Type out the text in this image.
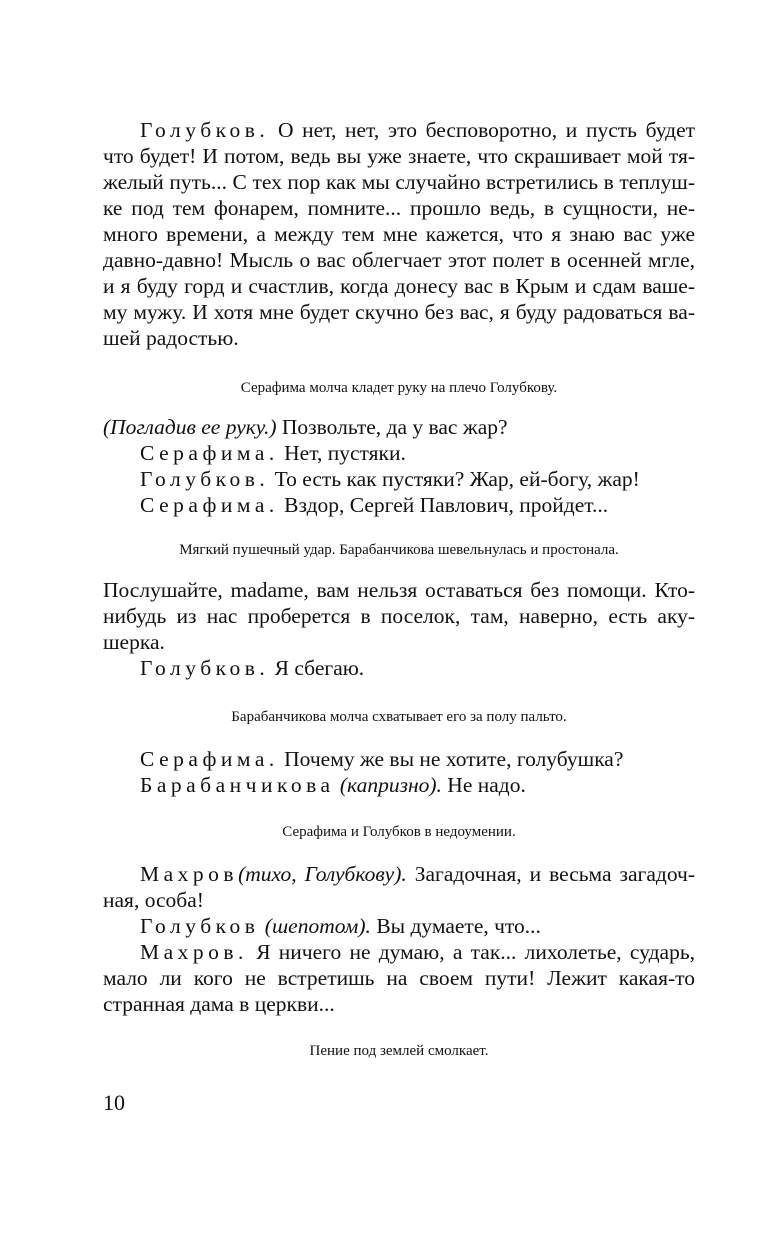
Голубков. О нет, нет, это бесповоротно, и пусть будет
что будет! И потом, ведь вы уже знаете, что скрашивает мой тя-
желый путь... С тех пор как мы случайно встретились в теплуш-
ке под тем фонарем, помните... прошло ведь, в сущности, не-
много времени, а между тем мне кажется, что я знаю вас уже
давно-давно! Мысль о вас облегчает этот полет в осенней мгле,
и я буду горд и счастлив, когда донесу вас в Крым и сдам ваше-
му мужу. И хотя мне будет скучно без вас, я буду радоваться ва-
шей радостью.
Серафима молча кладет руку на плечо Голубкову.
(Погладив ее руку.) Позвольте, да у вас жар?
Серафима. Нет, пустяки.
Голубков. То есть как пустяки? Жар, ей-богу, жар!
Серафима. Вздор, Сергей Павлович, пройдет...
Мягкий пушечный удар. Барабанчикова шевельнулась и простонала.
Послушайте, madame, вам нельзя оставаться без помощи. Кто-
нибудь из нас проберется в поселок, там, наверно, есть аку-
шерка.
Голубков. Я сбегаю.
Барабанчикова молча схватывает его за полу пальто.
Серафима. Почему же вы не хотите, голубушка?
Барабанчикова (капризно). Не надо.
Серафима и Голубков в недоумении.
Махров(тихо, Голубкову). Загадочная, и весьма загадоч-
ная, особа!
Голубков (шепотом). Вы думаете, что...
Махров. Я ничего не думаю, а так... лихолетье, сударь,
мало ли кого не встретишь на своем пути! Лежит какая-то
странная дама в церкви...
Пение под землей смолкает.
10
